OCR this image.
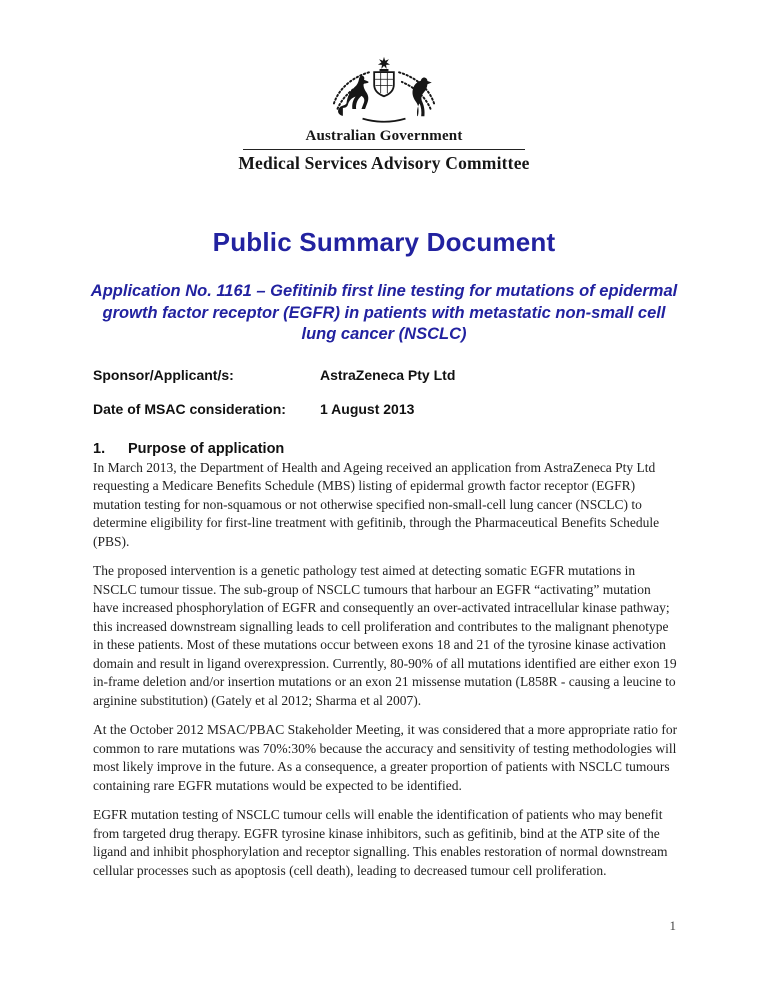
Australian Government
Medical Services Advisory Committee
Public Summary Document
Application No. 1161 – Gefitinib first line testing for mutations of epidermal growth factor receptor (EGFR) in patients with metastatic non-small cell lung cancer (NSCLC)
Sponsor/Applicant/s:	AstraZeneca Pty Ltd
Date of MSAC consideration:	1 August 2013
1. Purpose of application

In March 2013, the Department of Health and Ageing received an application from AstraZeneca Pty Ltd requesting a Medicare Benefits Schedule (MBS) listing of epidermal growth factor receptor (EGFR) mutation testing for non-squamous or not otherwise specified non-small-cell lung cancer (NSCLC) to determine eligibility for first-line treatment with gefitinib, through the Pharmaceutical Benefits Schedule (PBS).

The proposed intervention is a genetic pathology test aimed at detecting somatic EGFR mutations in NSCLC tumour tissue. The sub-group of NSCLC tumours that harbour an EGFR “activating” mutation have increased phosphorylation of EGFR and consequently an over-activated intracellular kinase pathway; this increased downstream signalling leads to cell proliferation and contributes to the malignant phenotype in these patients. Most of these mutations occur between exons 18 and 21 of the tyrosine kinase activation domain and result in ligand overexpression. Currently, 80-90% of all mutations identified are either exon 19 in-frame deletion and/or insertion mutations or an exon 21 missense mutation (L858R - causing a leucine to arginine substitution) (Gately et al 2012; Sharma et al 2007).

At the October 2012 MSAC/PBAC Stakeholder Meeting, it was considered that a more appropriate ratio for common to rare mutations was 70%:30% because the accuracy and sensitivity of testing methodologies will most likely improve in the future. As a consequence, a greater proportion of patients with NSCLC tumours containing rare EGFR mutations would be expected to be identified.

EGFR mutation testing of NSCLC tumour cells will enable the identification of patients who may benefit from targeted drug therapy. EGFR tyrosine kinase inhibitors, such as gefitinib, bind at the ATP site of the ligand and inhibit phosphorylation and receptor signalling. This enables restoration of normal downstream cellular processes such as apoptosis (cell death), leading to decreased tumour cell proliferation.

1
